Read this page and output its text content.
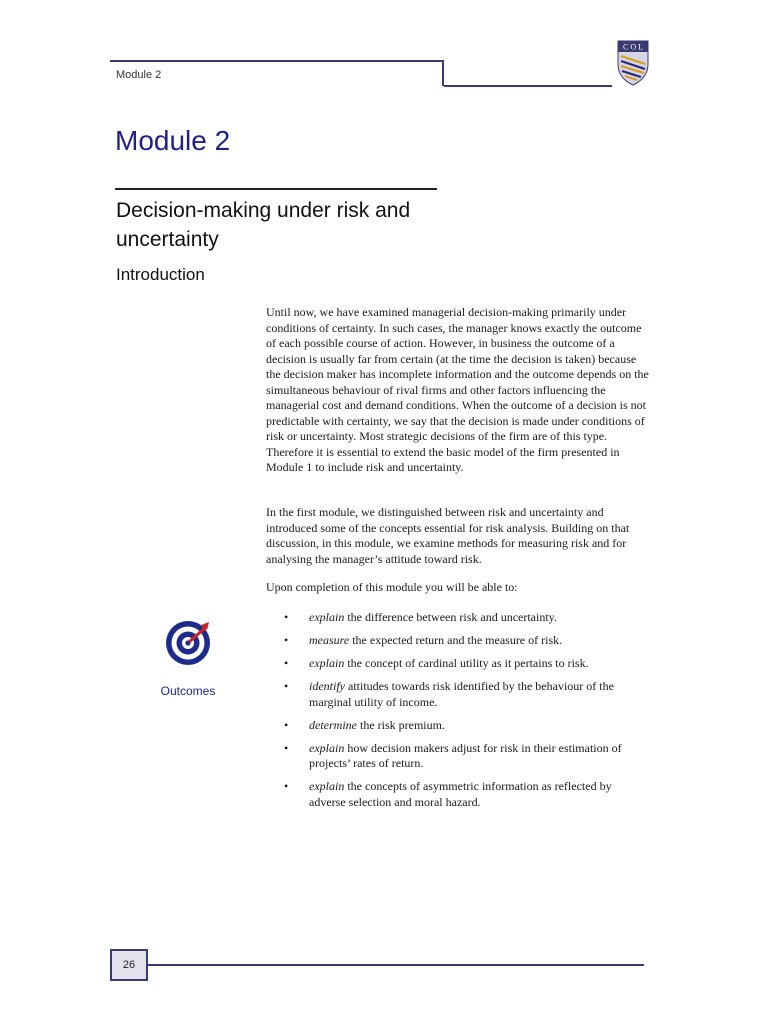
Module 2
C O L
Module 2
Decision-making under risk and uncertainty
Introduction

Until now, we have examined managerial decision-making primarily under conditions of certainty. In such cases, the manager knows exactly the outcome of each possible course of action. However, in business the outcome of a decision is usually far from certain (at the time the decision is taken) because the decision maker has incomplete information and the outcome depends on the simultaneous behaviour of rival firms and other factors influencing the managerial cost and demand conditions. When the outcome of a decision is not predictable with certainty, we say that the decision is made under conditions of risk or uncertainty. Most strategic decisions of the firm are of this type. Therefore it is essential to extend the basic model of the firm presented in Module 1 to include risk and uncertainty.

In the first module, we distinguished between risk and uncertainty and introduced some of the concepts essential for risk analysis. Building on that discussion, in this module, we examine methods for measuring risk and for analysing the manager’s attitude toward risk.

Upon completion of this module you will be able to:

Outcomes
• explain the difference between risk and uncertainty.
• measure the expected return and the measure of risk.
• explain the concept of cardinal utility as it pertains to risk.
• identify attitudes towards risk identified by the behaviour of the marginal utility of income.
• determine the risk premium.
• explain how decision makers adjust for risk in their estimation of projects’ rates of return.
• explain the concepts of asymmetric information as reflected by adverse selection and moral hazard.
26
